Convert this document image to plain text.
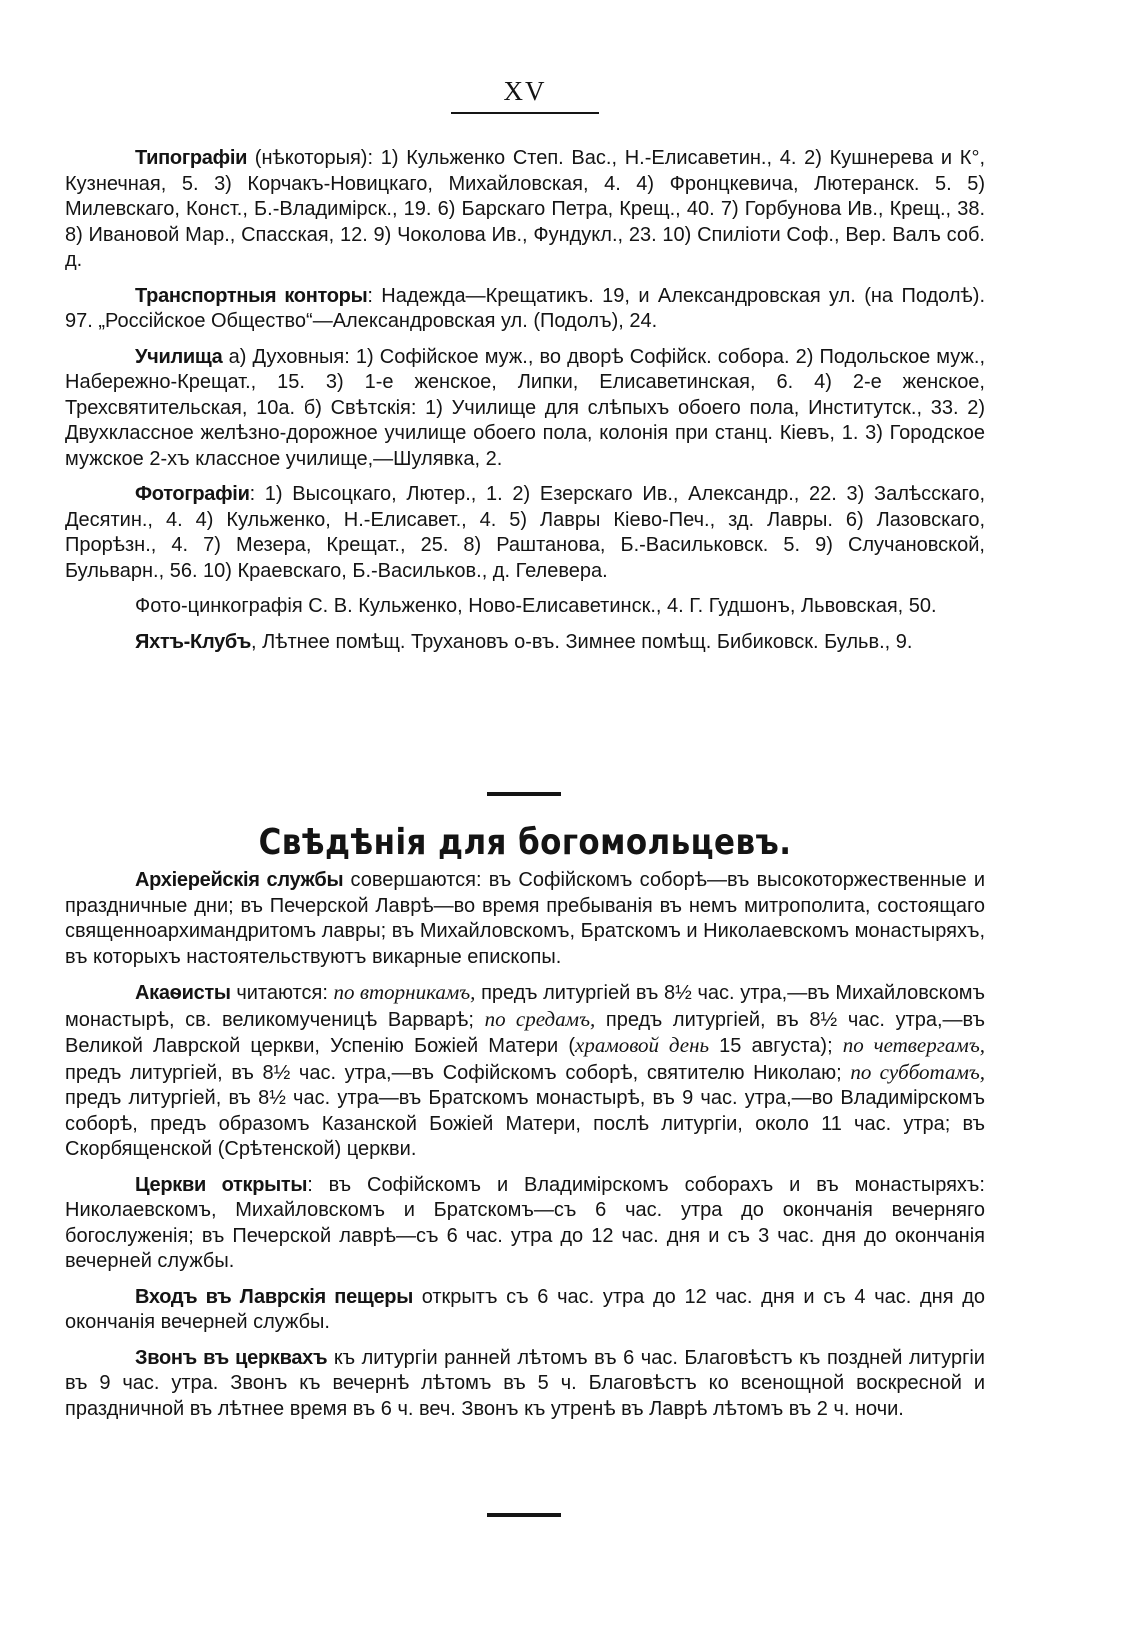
XV

Типографіи (нѣкоторыя): 1) Кульженко Степ. Вас., Н.-Елисаветин., 4. 2) Кушнерева и К°, Кузнечная, 5. 3) Корчакъ-Новицкаго, Михайловская, 4. 4) Фронцкевича, Лютеранск. 5. 5) Милевскаго, Конст., Б.-Владимірск., 19. 6) Барскаго Петра, Крещ., 40. 7) Горбунова Ив., Крещ., 38. 8) Ивановой Мар., Спасская, 12. 9) Чоколова Ив., Фундукл., 23. 10) Спиліоти Соф., Вер. Валъ соб. д.

Транспортныя конторы: Надежда—Крещатикъ. 19, и Александровская ул. (на Подолѣ). 97. „Россійское Общество“—Александровская ул. (Подолъ), 24.

Училища а) Духовныя: 1) Софійское муж., во дворѣ Софійск. собора. 2) Подольское муж., Набережно-Крещат., 15. 3) 1-е женское, Липки, Елисаветинская, 6. 4) 2-е женское, Трехсвятительская, 10а. б) Свѣтскія: 1) Училище для слѣпыхъ обоего пола, Институтск., 33. 2) Двухклассное желѣзно-дорожное училище обоего пола, колонія при станц. Кіевъ, 1. 3) Городское мужское 2-хъ классное училище,—Шулявка, 2.

Фотографіи: 1) Высоцкаго, Лютер., 1. 2) Езерскаго Ив., Александр., 22. 3) Залѣсскаго, Десятин., 4. 4) Кульженко, Н.-Елисавет., 4. 5) Лавры Кіево-Печ., зд. Лавры. 6) Лазовскаго, Прорѣзн., 4. 7) Мезера, Крещат., 25. 8) Раштанова, Б.-Васильковск. 5. 9) Случановской, Бульварн., 56. 10) Краевскаго, Б.-Васильков., д. Гелевера.

Фото-цинкографія С. В. Кульженко, Ново-Елисаветинск., 4. Г. Гудшонъ, Львовская, 50.

Яхтъ-Клубъ, Лѣтнее помѣщ. Трухановъ о-въ. Зимнее помѣщ. Бибиковск. Бульв., 9.

Свѣдѣнія для богомольцевъ.

Архіерейскія службы совершаются: въ Софійскомъ соборѣ—въ высокоторжественные и праздничные дни; въ Печерской Лаврѣ—во время пребыванія въ немъ митрополита, состоящаго священноархимандритомъ лавры; въ Михайловскомъ, Братскомъ и Николаевскомъ монастыряхъ, въ которыхъ настоятельствуютъ викарные епископы.

Акаѳисты читаются: по вторникамъ, предъ литургіей въ 8½ час. утра,—въ Михайловскомъ монастырѣ, св. великомученицѣ Варварѣ; по средамъ, предъ литургіей, въ 8½ час. утра,—въ Великой Лаврской церкви, Успенію Божіей Матери (храмовой день 15 августа); по четвергамъ, предъ литургіей, въ 8½ час. утра,—въ Софійскомъ соборѣ, святителю Николаю; по субботамъ, предъ литургіей, въ 8½ час. утра—въ Братскомъ монастырѣ, въ 9 час. утра,—во Владимірскомъ соборѣ, предъ образомъ Казанской Божіей Матери, послѣ литургіи, около 11 час. утра; въ Скорбященской (Срѣтенской) церкви.

Церкви открыты: въ Софійскомъ и Владимірскомъ соборахъ и въ монастыряхъ: Николаевскомъ, Михайловскомъ и Братскомъ—съ 6 час. утра до окончанія вечерняго богослуженія; въ Печерской лаврѣ—съ 6 час. утра до 12 час. дня и съ 3 час. дня до окончанія вечерней службы.

Входъ въ Лаврскія пещеры открытъ съ 6 час. утра до 12 час. дня и съ 4 час. дня до окончанія вечерней службы.

Звонъ въ церквахъ къ литургіи ранней лѣтомъ въ 6 час. Благовѣстъ къ поздней литургіи въ 9 час. утра. Звонъ къ вечернѣ лѣтомъ въ 5 ч. Благовѣстъ ко всенощной воскресной и праздничной въ лѣтнее время въ 6 ч. веч. Звонъ къ утренѣ въ Лаврѣ лѣтомъ въ 2 ч. ночи.
